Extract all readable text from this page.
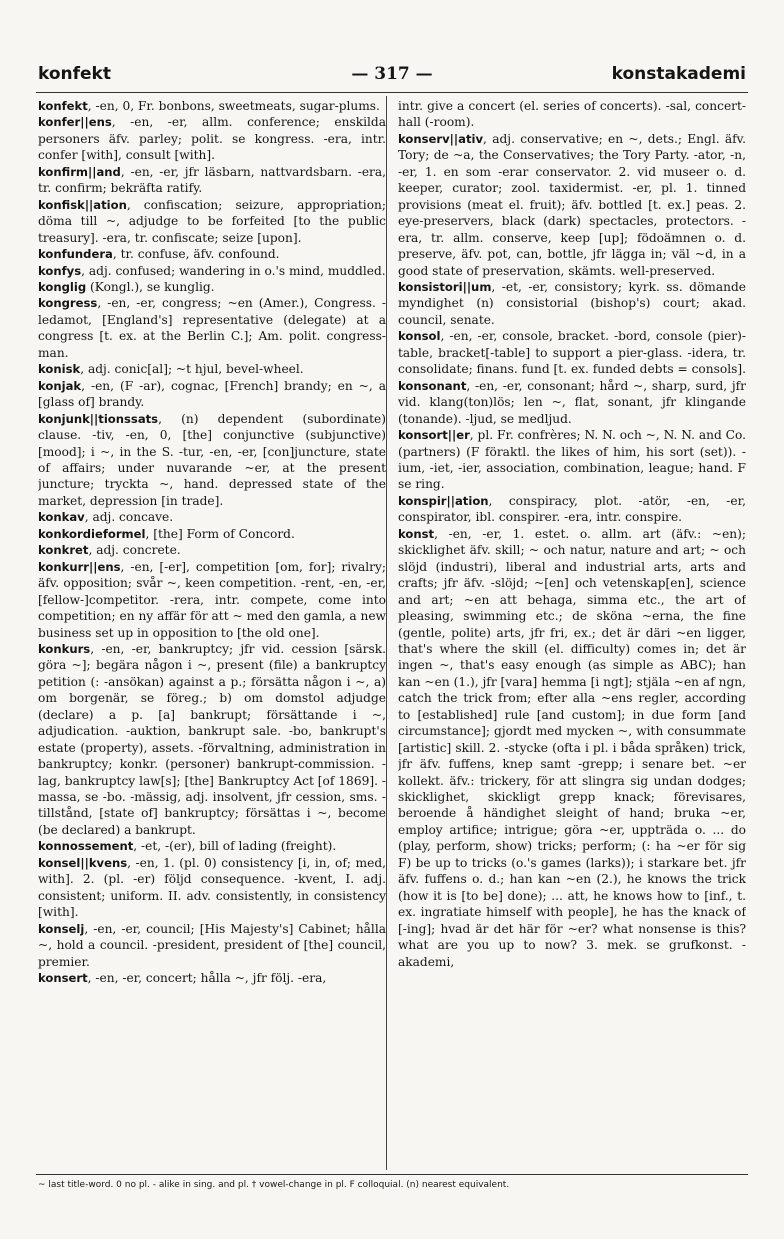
konfekt	— 317 —	konstakademi
konfekt, -en, 0, Fr. bonbons, sweetmeats, sugar-plums.
konfer||ens, -en, -er, allm. conference; enskilda personers äfv. parley; polit. se kongress. -era, intr. confer [with], consult [with].
konfirm||and, -en, -er, jfr läsbarn, nattvardsbarn. -era, tr. confirm; bekräfta ratify.
konfisk||ation, confiscation; seizure, appropriation; döma till ~, adjudge to be forfeited [to the public treasury]. -era, tr. confiscate; seize [upon].
konfundera, tr. confuse, äfv. confound.
konfys, adj. confused; wandering in o.'s mind, muddled.
konglig (Kongl.), se kunglig.
kongress, -en, -er, congress; ~en (Amer.), Congress. -ledamot, [England's] representative (delegate) at a congress [t. ex. at the Berlin C.]; Am. polit. congress-man.
konisk, adj. conic[al]; ~t hjul, bevel-wheel.
konjak, -en, (F -ar), cognac, [French] brandy; en ~, a [glass of] brandy.
konjunk||tionssats, (n) dependent (subordinate) clause. -tiv, -en, 0, [the] conjunctive (subjunctive) [mood]; i ~, in the S. -tur, -en, -er, [con]juncture, state of affairs; under nuvarande ~er, at the present juncture; tryckta ~, hand. depressed state of the market, depression [in trade].
konkav, adj. concave.
konkordieformel, [the] Form of Concord.
konkret, adj. concrete.
konkurr||ens, -en, [-er], competition [om, for]; rivalry; äfv. opposition; svår ~, keen competition. -rent, -en, -er, [fellow-]competitor. -rera, intr. compete, come into competition; en ny affär för att ~ med den gamla, a new business set up in opposition to [the old one].
konkurs, -en, -er, bankruptcy; jfr vid. cession [särsk. göra ~]; begära någon i ~, present (file) a bankruptcy petition (: -ansökan) against a p.; försätta någon i ~, a) om borgenär, se föreg.; b) om domstol adjudge (declare) a p. [a] bankrupt; försättande i ~, adjudication. -auktion, bankrupt sale. -bo, bankrupt's estate (property), assets. -förvaltning, administration in bankruptcy; konkr. (personer) bankrupt-commission. -lag, bankruptcy law[s]; [the] Bankruptcy Act [of 1869]. -massa, se -bo. -mässig, adj. insolvent, jfr cession, sms. -tillstånd, [state of] bankruptcy; försättas i ~, become (be declared) a bankrupt.
konnossement, -et, -(er), bill of lading (freight).
konsel||kvens, -en, 1. (pl. 0) consistency [i, in, of; med, with]. 2. (pl. -er) följd consequence. -kvent, I. adj. consistent; uniform. II. adv. consistently, in consistency [with].
konselj, -en, -er, council; [His Majesty's] Cabinet; hålla ~, hold a council. -president, president of [the] council, premier.
konsert, -en, -er, concert; hålla ~, jfr följ. -era,
intr. give a concert (el. series of concerts). -sal, concert-hall (-room).
konserv||ativ, adj. conservative; en ~, dets.; Engl. äfv. Tory; de ~a, the Conservatives; the Tory Party. -ator, -n, -er, 1. en som -erar conservator. 2. vid museer o. d. keeper, curator; zool. taxidermist. -er, pl. 1. tinned provisions (meat el. fruit); äfv. bottled [t. ex.] peas. 2. eye-preservers, black (dark) spectacles, protectors. -era, tr. allm. conserve, keep [up]; födoämnen o. d. preserve, äfv. pot, can, bottle, jfr lägga in; väl ~d, in a good state of preservation, skämts. well-preserved.
konsistori||um, -et, -er, consistory; kyrk. ss. dömande myndighet (n) consistorial (bishop's) court; akad. council, senate.
konsol, -en, -er, console, bracket. -bord, console (pier)-table, bracket[-table] to support a pier-glass. -idera, tr. consolidate; finans. fund [t. ex. funded debts = consols].
konsonant, -en, -er, consonant; hård ~, sharp, surd, jfr vid. klang(ton)lös; len ~, flat, sonant, jfr klingande (tonande). -ljud, se medljud.
konsort||er, pl. Fr. confrères; N. N. och ~, N. N. and Co. (partners) (F föraktl. the likes of him, his sort (set)). -ium, -iet, -ier, association, combination, league; hand. F se ring.
konspir||ation, conspiracy, plot. -atör, -en, -er, conspirator, ibl. conspirer. -era, intr. conspire.
konst, -en, -er, 1. estet. o. allm. art (äfv.: ~en); skicklighet äfv. skill; ~ och natur, nature and art; ~ och slöjd (industri), liberal and industrial arts, arts and crafts; jfr äfv. -slöjd; ~[en] och vetenskap[en], science and art; ~en att behaga, simma etc., the art of pleasing, swimming etc.; de sköna ~erna, the fine (gentle, polite) arts, jfr fri, ex.; det är däri ~en ligger, that's where the skill (el. difficulty) comes in; det är ingen ~, that's easy enough (as simple as ABC); han kan ~en (1.), jfr [vara] hemma [i ngt]; stjäla ~en af ngn, catch the trick from; efter alla ~ens regler, according to [established] rule [and custom]; in due form [and circumstance]; gjordt med mycken ~, with consummate [artistic] skill. 2. -stycke (ofta i pl. i båda språken) trick, jfr äfv. fuffens, knep samt -grepp; i senare bet. ~er kollekt. äfv.: trickery, för att slingra sig undan dodges; skicklighet, skickligt grepp knack; förevisares, beroende å händighet sleight of hand; bruka ~er, employ artifice; intrigue; göra ~er, uppträda o. ... do (play, perform, show) tricks; perform; (: ha ~er för sig F) be up to tricks (o.'s games (larks)); i starkare bet. jfr äfv. fuffens o. d.; han kan ~en (2.), he knows the trick (how it is [to be] done); ... att, he knows how to [inf., t. ex. ingratiate himself with people], he has the knack of [-ing]; hvad är det här för ~er? what nonsense is this? what are you up to now? 3. mek. se grufkonst. -akademi,
~ last title-word. 0 no pl. - alike in sing. and pl. † vowel-change in pl. F colloquial. (n) nearest equivalent.
